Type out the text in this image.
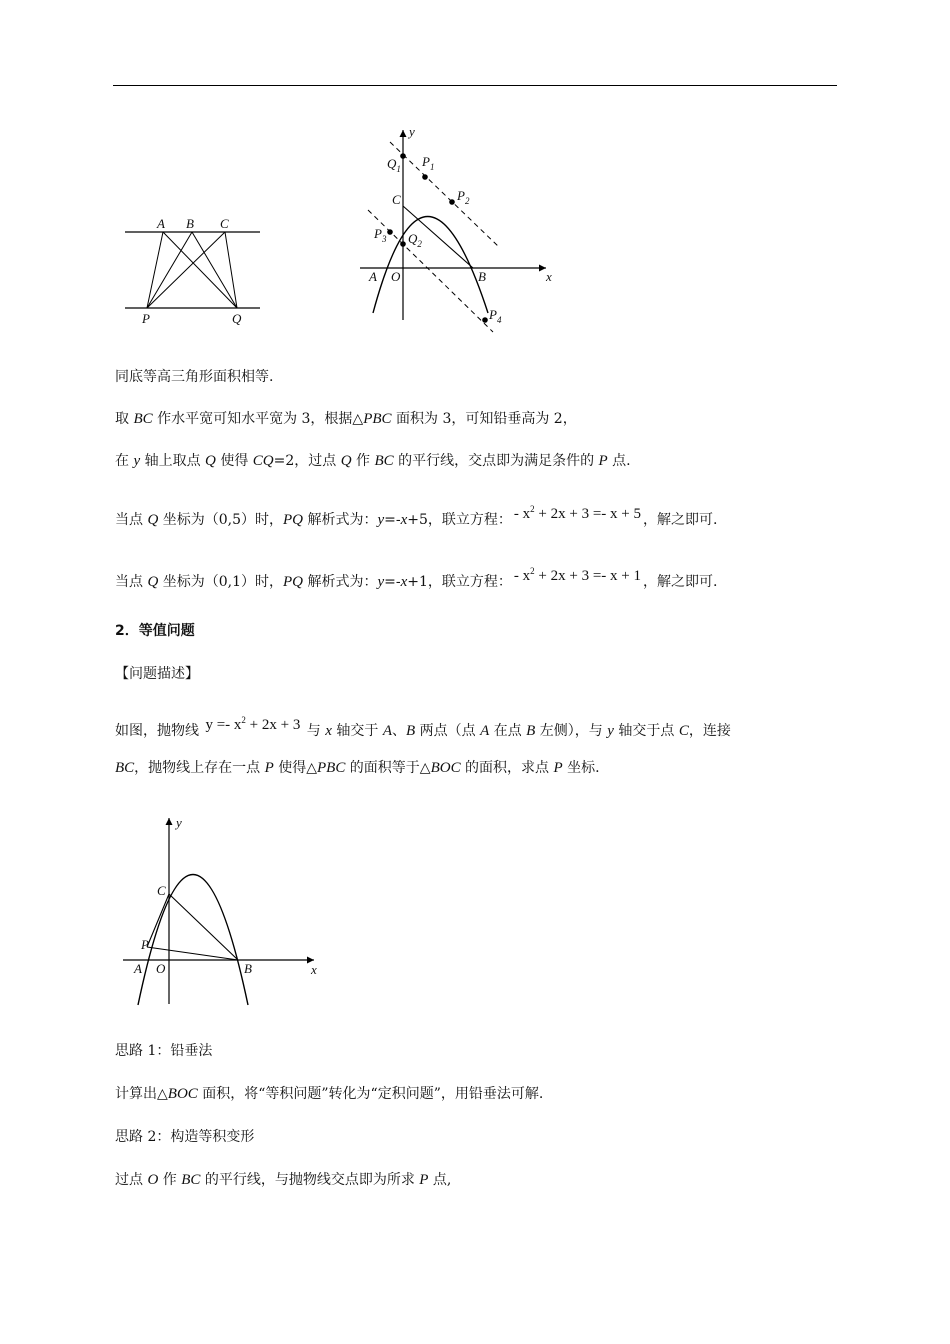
A B C
P	Q
y
x
$Q_1$ $P_1$
$P_2$
C
$P_3$ $Q_2$
A O	B
$P_4$
同底等高三角形面积相等.
取 BC 作水平宽可知水平宽为 3，根据△PBC 面积为 3，可知铅垂高为 2，
在 y 轴上取点 Q 使得 CQ=2，过点 Q 作 BC 的平行线，交点即为满足条件的 P 点.
当点 Q 坐标为（0,5）时，PQ 解析式为：y=-x+5，联立方程： - $x^2 + 2x + 3 =- x + 5$ ，解之即可.
当点 Q 坐标为（0,1）时，PQ 解析式为：y=-x+1，联立方程： - $x^2 + 2x + 3 =- x + 1$ ，解之即可.
2．等值问题
【问题描述】
如图，抛物线 $y =- x^2 + 2x + 3$ 与 x 轴交于 A、B 两点（点 A 在点 B 左侧），与 y 轴交于点 C，连接
BC，抛物线上存在一点 P 使得△PBC 的面积等于△BOC 的面积，求点 P 坐标.
y
x
C
P
A O	B
思路 1：铅垂法
计算出△BOC 面积，将“等积问题”转化为“定积问题”，用铅垂法可解.
思路 2：构造等积变形
过点 O 作 BC 的平行线，与抛物线交点即为所求 P 点,
